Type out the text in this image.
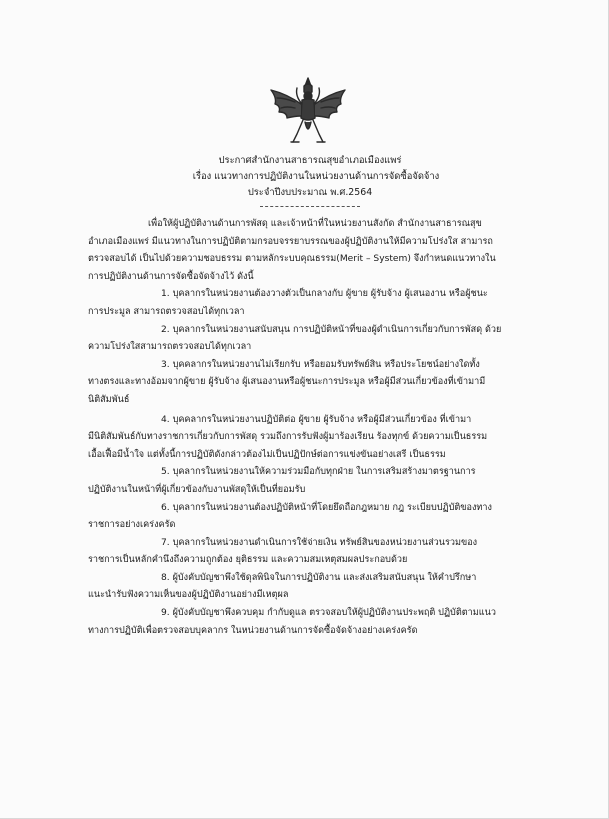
ประกาศสำนักงานสาธารณสุขอำเภอเมืองแพร่
เรื่อง แนวทางการปฏิบัติงานในหน่วยงานด้านการจัดซื้อจัดจ้าง
ประจำปีงบประมาณ พ.ศ.2564

เพื่อให้ผู้ปฏิบัติงานด้านการพัสดุ และเจ้าหน้าที่ในหน่วยงานสังกัด สำนักงานสาธารณสุข
อำเภอเมืองแพร่ มีแนวทางในการปฏิบัติตามกรอบจรรยาบรรณของผู้ปฏิบัติงานให้มีความโปร่งใส สามารถ
ตรวจสอบได้ เป็นไปด้วยความชอบธรรม ตามหลักระบบคุณธรรม(Merit – System) จึงกำหนดแนวทางใน
การปฏิบัติงานด้านการจัดซื้อจัดจ้างไว้ ดังนี้

1. บุคลากรในหน่วยงานต้องวางตัวเป็นกลางกับ ผู้ขาย ผู้รับจ้าง ผู้เสนองาน หรือผู้ชนะ
การประมูล สามารถตรวจสอบได้ทุกเวลา

2. บุคลากรในหน่วยงานสนับสนุน การปฏิบัติหน้าที่ของผู้ดำเนินการเกี่ยวกับการพัสดุ ด้วย
ความโปร่งใสสามารถตรวจสอบได้ทุกเวลา

3. บุคคลากรในหน่วยงานไม่เรียกรับ หรือยอมรับทรัพย์สิน หรือประโยชน์อย่างใดทั้ง
ทางตรงและทางอ้อมจากผู้ขาย ผู้รับจ้าง ผู้เสนองานหรือผู้ชนะการประมูล หรือผู้มีส่วนเกี่ยวข้องที่เข้ามามี
นิติสัมพันธ์

4. บุคคลากรในหน่วยงานปฏิบัติต่อ ผู้ขาย ผู้รับจ้าง หรือผู้มีส่วนเกี่ยวข้อง ที่เข้ามา
มีนิติสัมพันธ์กับทางราชการเกี่ยวกับการพัสดุ รวมถึงการรับฟังผู้มาร้องเรียน ร้องทุกข์ ด้วยความเป็นธรรม
เอื้อเฟื้อมีน้ำใจ แต่ทั้งนี้การปฏิบัติดังกล่าวต้องไม่เป็นปฏิปักษ์ต่อการแข่งขันอย่างเสรี เป็นธรรม

5. บุคลากรในหน่วยงานให้ความร่วมมือกับทุกฝ่าย ในการเสริมสร้างมาตรฐานการ
ปฏิบัติงานในหน้าที่ผู้เกี่ยวข้องกับงานพัสดุให้เป็นที่ยอมรับ

6. บุคลากรในหน่วยงานต้องปฏิบัติหน้าที่โดยยึดถือกฎหมาย กฎ ระเบียบปฏิบัติของทาง
ราชการอย่างเคร่งครัด

7. บุคลากรในหน่วยงานดำเนินการใช้จ่ายเงิน ทรัพย์สินของหน่วยงานส่วนรวมของ
ราชการเป็นหลักคำนึงถึงความถูกต้อง ยุติธรรม และความสมเหตุสมผลประกอบด้วย

8. ผู้บังคับบัญชาพึงใช้ดุลพินิจในการปฏิบัติงาน และส่งเสริมสนับสนุน ให้คำปรึกษา
แนะนำรับฟังความเห็นของผู้ปฏิบัติงานอย่างมีเหตุผล

9. ผู้บังคับบัญชาพึงควบคุม กำกับดูแล ตรวจสอบให้ผู้ปฏิบัติงานประพฤติ ปฏิบัติตามแนว
ทางการปฏิบัติเพื่อตรวจสอบบุคลากร ในหน่วยงานด้านการจัดซื้อจัดจ้างอย่างเคร่งครัด
